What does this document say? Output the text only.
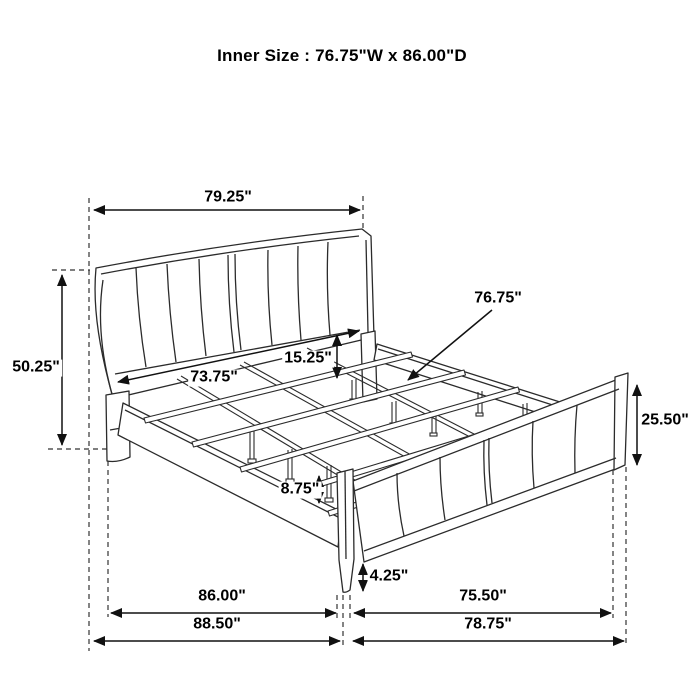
Inner Size : 76.75"W x 86.00"D
79.25"
50.25"
73.75"
15.25"
76.75"
25.50"
8.75"
4.25"
86.00"	75.50"
88.50"	78.75"
